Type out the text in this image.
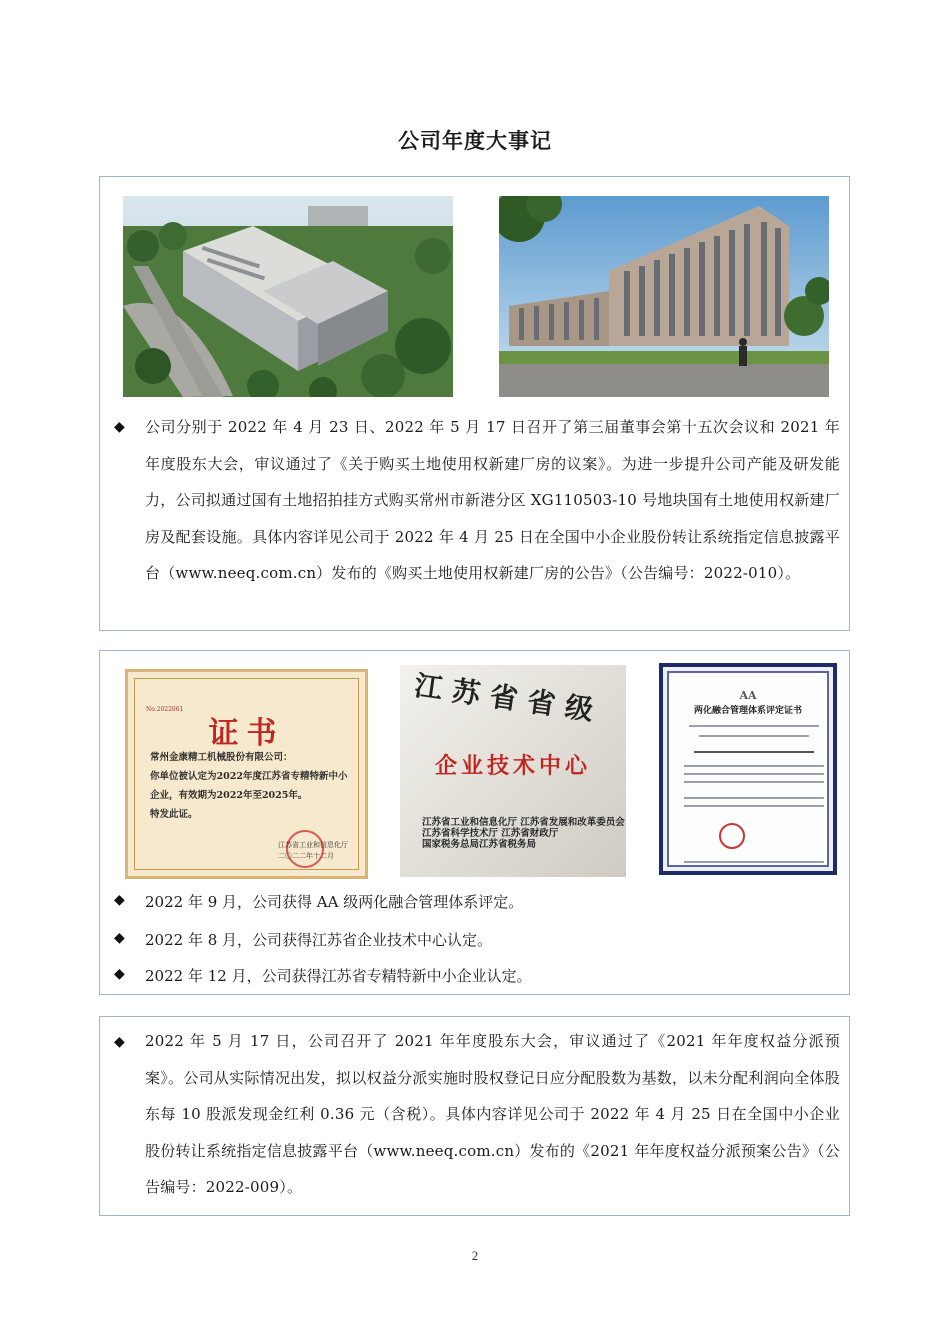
公司年度大事记
◆ 公司分别于 2022 年 4 月 23 日、2022 年 5 月 17 日召开了第三届董事会第十五次会议和 2021 年年度股东大会，审议通过了《关于购买土地使用权新建厂房的议案》。为进一步提升公司产能及研发能力，公司拟通过国有土地招拍挂方式购买常州市新港分区 XG110503-10 号地块国有土地使用权新建厂房及配套设施。具体内容详见公司于 2022 年 4 月 25 日在全国中小企业股份转让系统指定信息披露平台（www.neeq.com.cn）发布的《购买土地使用权新建厂房的公告》（公告编号：2022-010）。
No.2022061
证书
常州金康精工机械股份有限公司：
你单位被认定为2022年度江苏省专精特新中小企业，有效期为2022年至2025年。
特发此证。
江苏省工业和信息化厅
二〇二二年十二月
江苏省省级
企业技术中心
江苏省工业和信息化厅 江苏省发展和改革委员会
江苏省科学技术厅 江苏省财政厅
国家税务总局江苏省税务局
AA
两化融合管理体系评定证书
◆ 2022 年 9 月，公司获得 AA 级两化融合管理体系评定。
◆ 2022 年 8 月，公司获得江苏省企业技术中心认定。
◆ 2022 年 12 月，公司获得江苏省专精特新中小企业认定。
◆ 2022 年 5 月 17 日，公司召开了 2021 年年度股东大会，审议通过了《2021 年年度权益分派预案》。公司从实际情况出发，拟以权益分派实施时股权登记日应分配股数为基数，以未分配利润向全体股东每 10 股派发现金红利 0.36 元（含税）。具体内容详见公司于 2022 年 4 月 25 日在全国中小企业股份转让系统指定信息披露平台（www.neeq.com.cn）发布的《2021 年年度权益分派预案公告》（公告编号：2022-009）。
2
